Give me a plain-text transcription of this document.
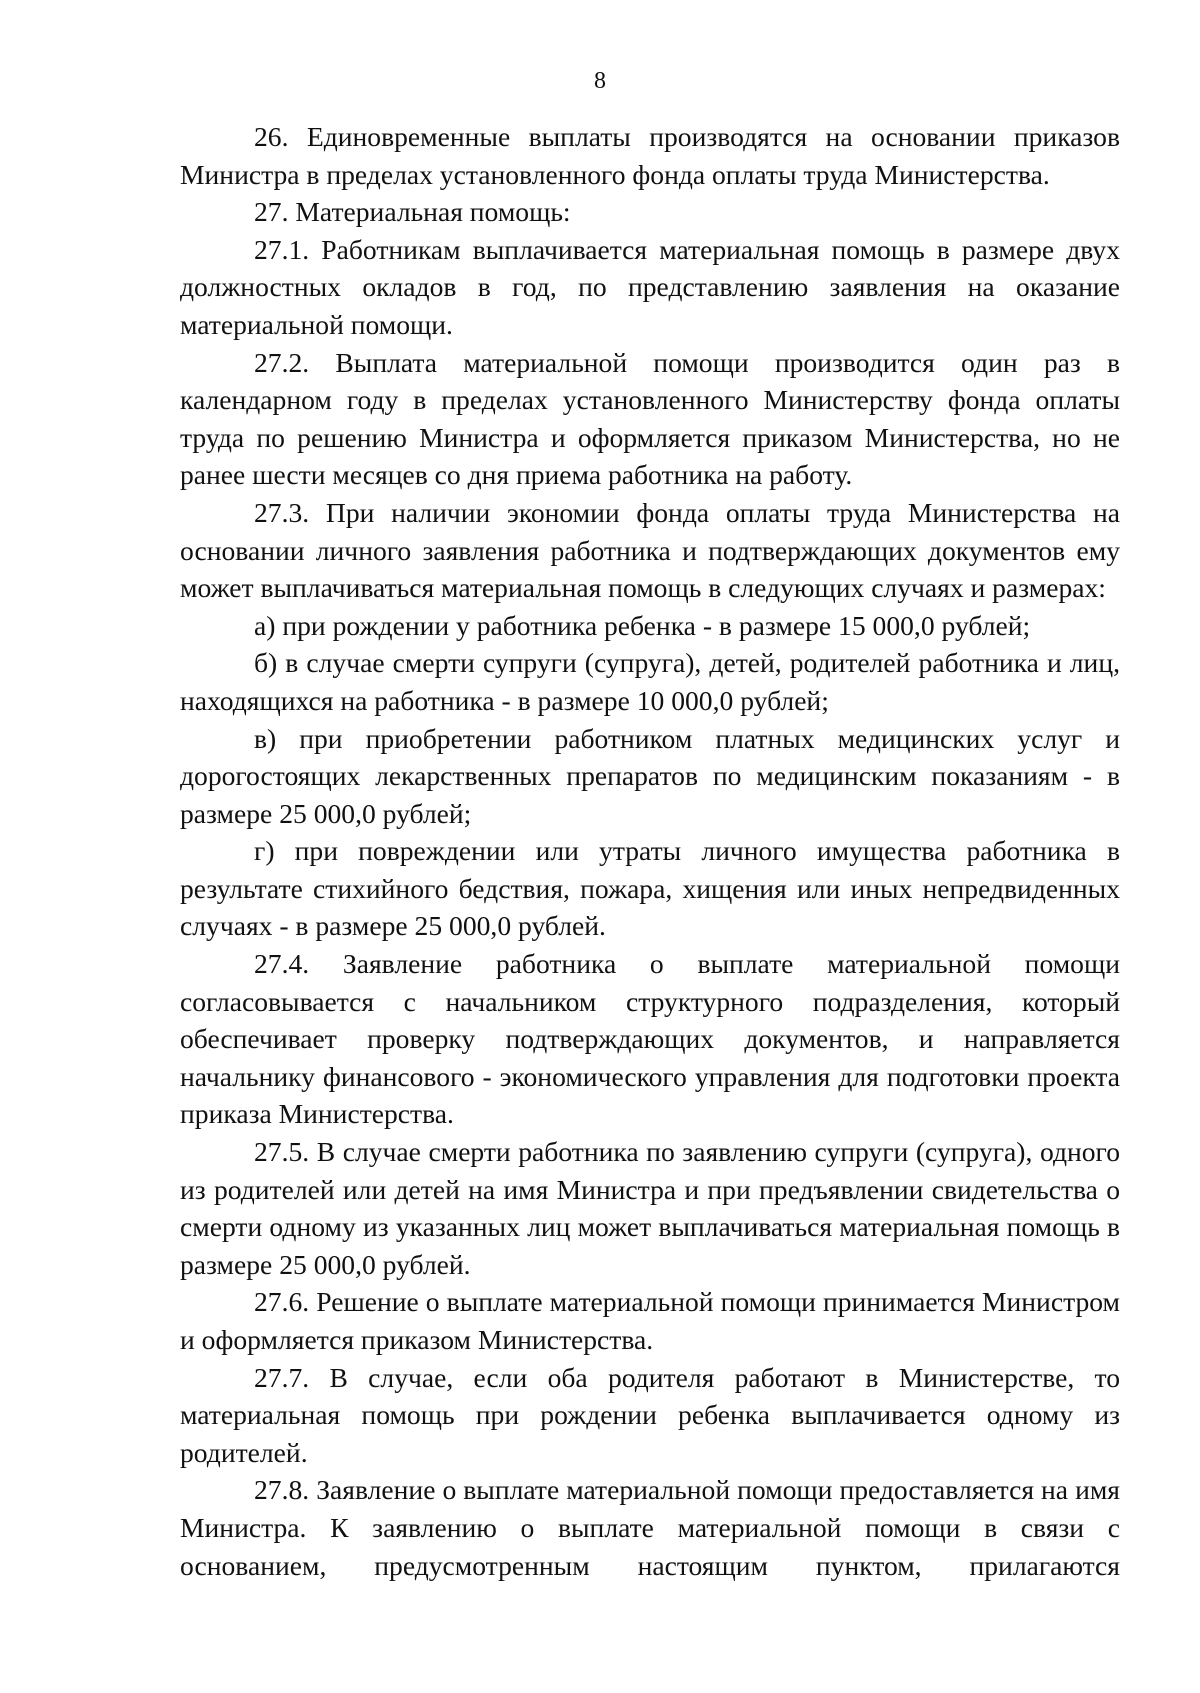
8

26. Единовременные выплаты производятся на основании приказов Министра в пределах установленного фонда оплаты труда Министерства.

27. Материальная помощь:

27.1. Работникам выплачивается материальная помощь в размере двух должностных окладов в год, по представлению заявления на оказание материальной помощи.

27.2. Выплата материальной помощи производится один раз в календарном году в пределах установленного Министерству фонда оплаты труда по решению Министра и оформляется приказом Министерства, но не ранее шести месяцев со дня приема работника на работу.

27.3. При наличии экономии фонда оплаты труда Министерства на основании личного заявления работника и подтверждающих документов ему может выплачиваться материальная помощь в следующих случаях и размерах:

а) при рождении у работника ребенка - в размере 15 000,0 рублей;

б) в случае смерти супруги (супруга), детей, родителей работника и лиц, находящихся на работника - в размере 10 000,0 рублей;

в) при приобретении работником платных медицинских услуг и дорогостоящих лекарственных препаратов по медицинским показаниям - в размере 25 000,0 рублей;

г) при повреждении или утраты личного имущества работника в результате стихийного бедствия, пожара, хищения или иных непредвиденных случаях - в размере 25 000,0 рублей.

27.4. Заявление работника о выплате материальной помощи согласовывается с начальником структурного подразделения, который обеспечивает проверку подтверждающих документов, и направляется начальнику финансового - экономического управления для подготовки проекта приказа Министерства.

27.5. В случае смерти работника по заявлению супруги (супруга), одного из родителей или детей на имя Министра и при предъявлении свидетельства о смерти одному из указанных лиц может выплачиваться материальная помощь в размере 25 000,0 рублей.

27.6. Решение о выплате материальной помощи принимается Министром и оформляется приказом Министерства.

27.7. В случае, если оба родителя работают в Министерстве, то материальная помощь при рождении ребенка выплачивается одному из родителей.

27.8. Заявление о выплате материальной помощи предоставляется на имя Министра. К заявлению о выплате материальной помощи в связи с основанием, предусмотренным настоящим пунктом, прилагаются
